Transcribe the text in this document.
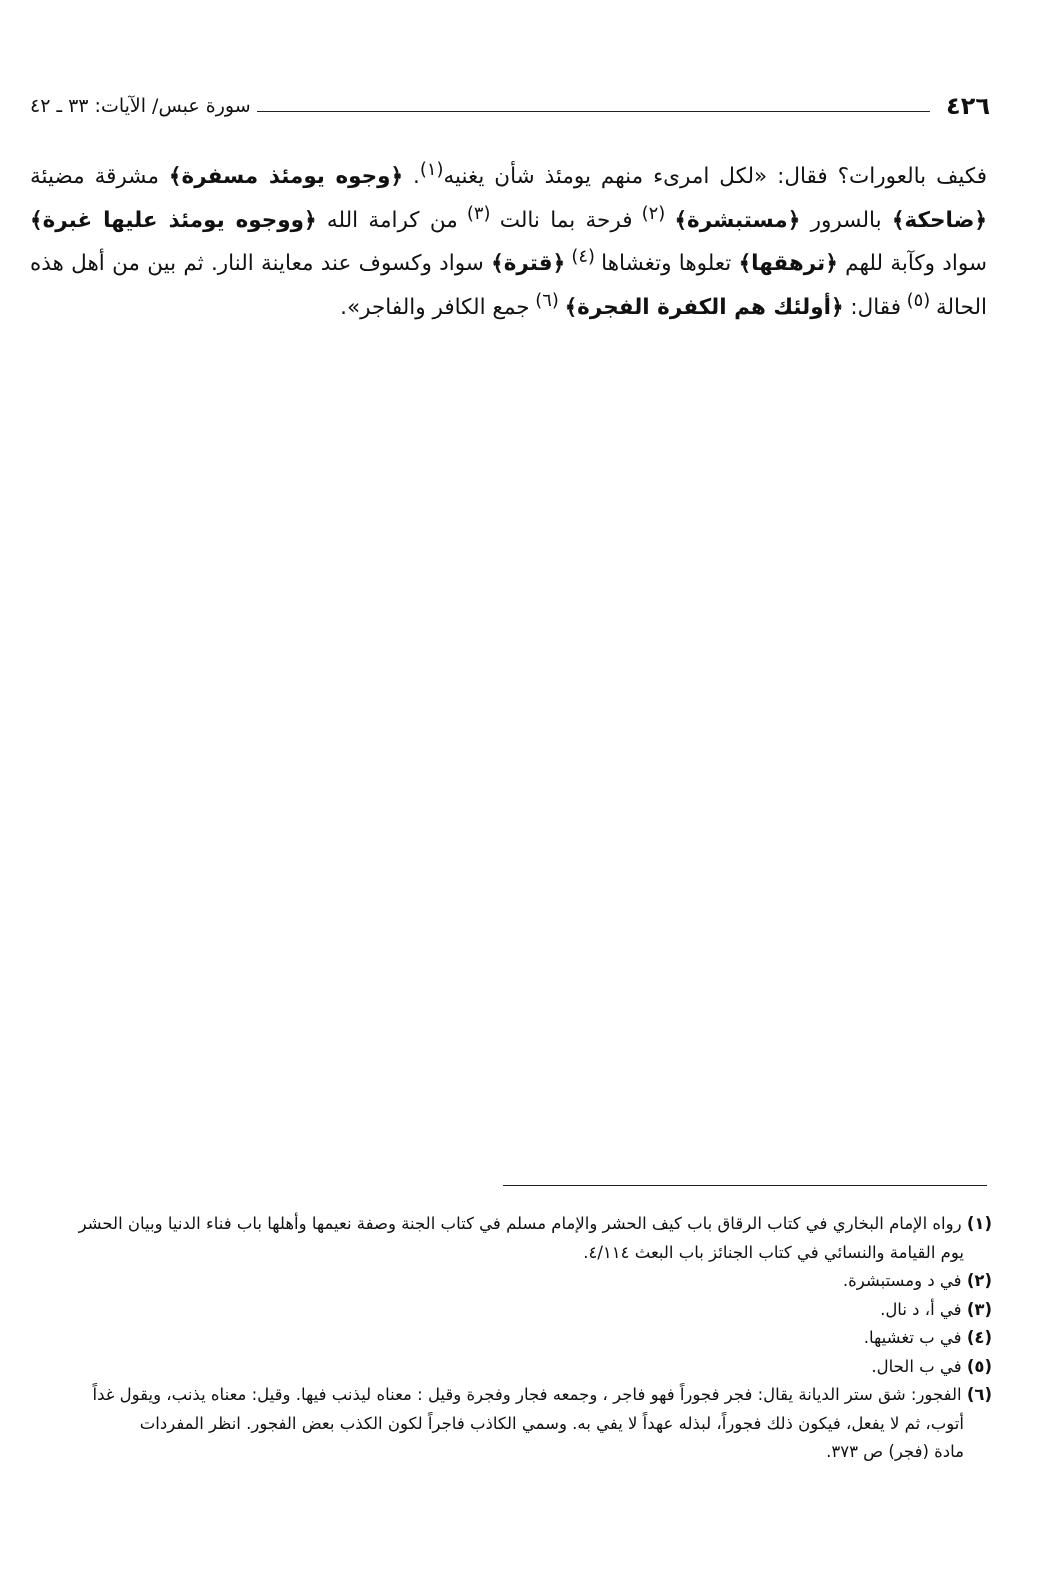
٤٢٦
سورة عبس/ الآيات: ٣٣ ـ ٤٢
فكيف بالعورات؟ فقال: «لكل امرىء منهم يومئذ شأن يغنيه$^{(١)}$. ﴿وجوه يومئذ مسفرة﴾ مشرقة مضيئة ﴿ضاحكة﴾ بالسرور ﴿مستبشرة﴾ $^{(٢)}$ فرحة بما نالت $^{(٣)}$ من كرامة الله ﴿ووجوه يومئذ عليها غبرة﴾ سواد وكآبة للهم ﴿ترهقها﴾ تعلوها وتغشاها $^{(٤)}$ ﴿قترة﴾ سواد وكسوف عند معاينة النار. ثم بين من أهل هذه الحالة $^{(٥)}$ فقال: ﴿أولئك هم الكفرة الفجرة﴾ $^{(٦)}$ جمع الكافر والفاجر».

(١) رواه الإمام البخاري في كتاب الرقاق باب كيف الحشر والإمام مسلم في كتاب الجنة وصفة نعيمها وأهلها باب فناء الدنيا وبيان الحشر
يوم القيامة والنسائي في كتاب الجنائز باب البعث ٤/١١٤.

(٢) في د ومستبشرة.

(٣) في أ، د نال.

(٤) في ب تغشيها.

(٥) في ب الحال.

(٦) الفجور: شق ستر الديانة يقال: فجر فجوراً فهو فاجر ، وجمعه فجار وفجرة وقيل : معناه ليذنب فيها. وقيل: معناه يذنب، ويقول غداً
أتوب، ثم لا يفعل، فيكون ذلك فجوراً، لبذله عهداً لا يفي به. وسمي الكاذب فاجراً لكون الكذب بعض الفجور. انظر المفردات
مادة (فجر) ص ٣٧٣.
